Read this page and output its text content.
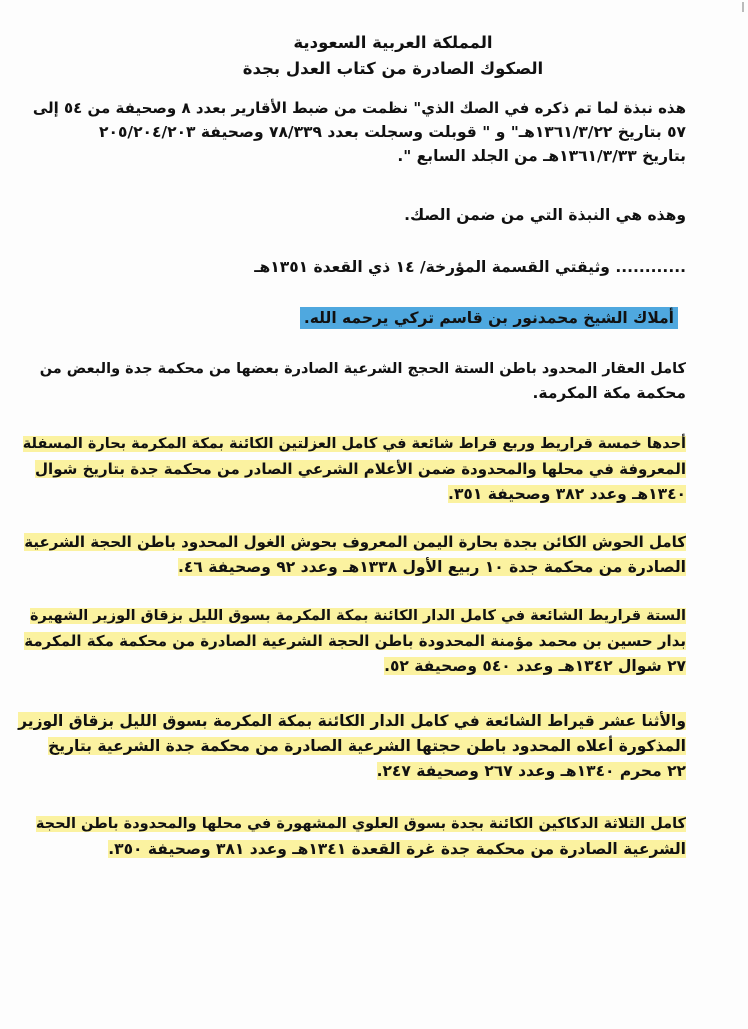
المملكة العربية السعودية
الصكوك الصادرة من كتاب العدل بجدة
هذه نبذة لما تم ذكره في الصك الذي" نظمت من ضبط الأقارير بعدد ٨ وصحيفة من ٥٤ إلى
٥٧ بتاريخ ١٣٦١/٣/٢٢هـ" و " قوبلت وسجلت بعدد ٧٨/٣٣٩ وصحيفة ٢٠٥/٢٠٤/٢٠٣
بتاريخ ١٣٦١/٣/٣٣هـ من الجلد السابع ".
وهذه هي النبذة التي من ضمن الصك.
............ وثيقتي القسمة المؤرخة/ ١٤ ذي القعدة ١٣٥١هـ
أملاك الشيخ محمدنور بن قاسم تركي يرحمه الله.
كامل العقار المحدود باطن الستة الحجج الشرعية الصادرة بعضها من محكمة جدة والبعض من
محكمة مكة المكرمة.
أحدها خمسة قراريط وربع قراط شائعة في كامل العزلتين الكائنة بمكة المكرمة بحارة المسفلة
المعروفة في محلها والمحدودة ضمن الأعلام الشرعي الصادر من محكمة جدة بتاريخ شوال
١٣٤٠هـ وعدد ٣٨٢ وصحيفة ٣٥١.
كامل الحوش الكائن بجدة بحارة اليمن المعروف بحوش الغول المحدود باطن الحجة الشرعية
الصادرة من محكمة جدة ١٠ ربيع الأول ١٣٣٨هـ وعدد ٩٢ وصحيفة ٤٦.
الستة قراريط الشائعة في كامل الدار الكائنة بمكة المكرمة بسوق الليل بزقاق الوزير الشهيرة
بدار حسين بن محمد مؤمنة المحدودة باطن الحجة الشرعية الصادرة من محكمة مكة المكرمة
٢٧ شوال ١٣٤٢هـ وعدد ٥٤٠ وصحيفة ٥٢.
والأثنا عشر قيراط الشائعة في كامل الدار الكائنة بمكة المكرمة بسوق الليل بزقاق الوزير
المذكورة أعلاه المحدود باطن حجتها الشرعية الصادرة من محكمة جدة الشرعية بتاريخ
٢٢ محرم ١٣٤٠هـ وعدد ٢٦٧ وصحيفة ٢٤٧.
كامل الثلاثة الدكاكين الكائنة بجدة بسوق العلوي المشهورة في محلها والمحدودة باطن الحجة
الشرعية الصادرة من محكمة جدة غرة القعدة ١٣٤١هـ وعدد ٣٨١ وصحيفة ٣٥٠.
